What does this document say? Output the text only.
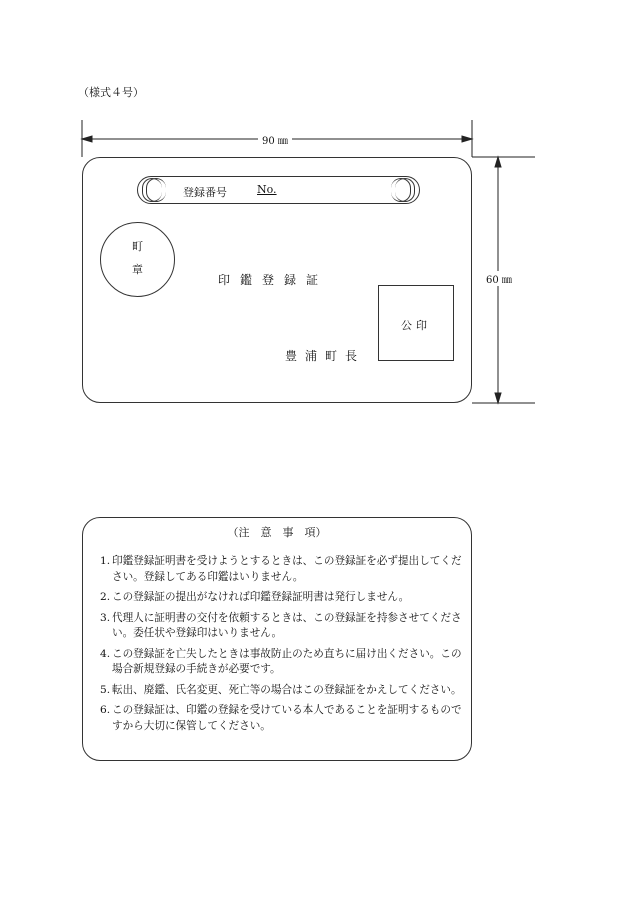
（様式４号）
90 ㎜
60 ㎜
登録番号	No.
町
章
印鑑登録証
公印
豊浦町長
（注　意　事　項）
1. 印鑑登録証明書を受けようとするときは、この登録証を必ず提出してください。登録してある印鑑はいりません。
2. この登録証の提出がなければ印鑑登録証明書は発行しません。
3. 代理人に証明書の交付を依頼するときは、この登録証を持参させてください。委任状や登録印はいりません。
4. この登録証を亡失したときは事故防止のため直ちに届け出ください。この場合新規登録の手続きが必要です。
5. 転出、廃鑑、氏名変更、死亡等の場合はこの登録証をかえしてください。
6. この登録証は、印鑑の登録を受けている本人であることを証明するものですから大切に保管してください。
